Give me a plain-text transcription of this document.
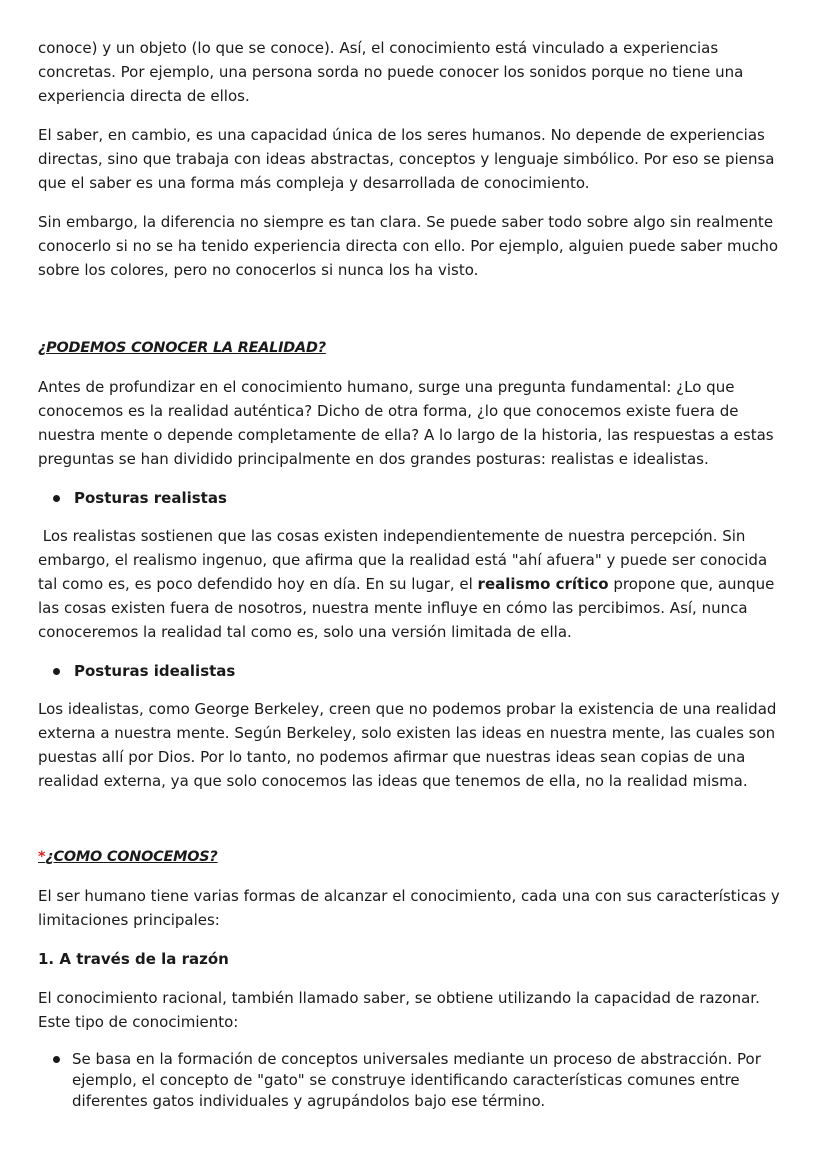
conoce) y un objeto (lo que se conoce). Así, el conocimiento está vinculado a experiencias concretas. Por ejemplo, una persona sorda no puede conocer los sonidos porque no tiene una experiencia directa de ellos.

El saber, en cambio, es una capacidad única de los seres humanos. No depende de experiencias directas, sino que trabaja con ideas abstractas, conceptos y lenguaje simbólico. Por eso se piensa que el saber es una forma más compleja y desarrollada de conocimiento.

Sin embargo, la diferencia no siempre es tan clara. Se puede saber todo sobre algo sin realmente conocerlo si no se ha tenido experiencia directa con ello. Por ejemplo, alguien puede saber mucho sobre los colores, pero no conocerlos si nunca los ha visto.

¿PODEMOS CONOCER LA REALIDAD?

Antes de profundizar en el conocimiento humano, surge una pregunta fundamental: ¿Lo que conocemos es la realidad auténtica? Dicho de otra forma, ¿lo que conocemos existe fuera de nuestra mente o depende completamente de ella? A lo largo de la historia, las respuestas a estas preguntas se han dividido principalmente en dos grandes posturas: realistas e idealistas.

Posturas realistas

Los realistas sostienen que las cosas existen independientemente de nuestra percepción. Sin embargo, el realismo ingenuo, que afirma que la realidad está "ahí afuera" y puede ser conocida tal como es, es poco defendido hoy en día. En su lugar, el realismo crítico propone que, aunque las cosas existen fuera de nosotros, nuestra mente influye en cómo las percibimos. Así, nunca conoceremos la realidad tal como es, solo una versión limitada de ella.

Posturas idealistas

Los idealistas, como George Berkeley, creen que no podemos probar la existencia de una realidad externa a nuestra mente. Según Berkeley, solo existen las ideas en nuestra mente, las cuales son puestas allí por Dios. Por lo tanto, no podemos afirmar que nuestras ideas sean copias de una realidad externa, ya que solo conocemos las ideas que tenemos de ella, no la realidad misma.

*¿COMO CONOCEMOS?

El ser humano tiene varias formas de alcanzar el conocimiento, cada una con sus características y limitaciones principales:

1. A través de la razón

El conocimiento racional, también llamado saber, se obtiene utilizando la capacidad de razonar. Este tipo de conocimiento:

Se basa en la formación de conceptos universales mediante un proceso de abstracción. Por ejemplo, el concepto de "gato" se construye identificando características comunes entre diferentes gatos individuales y agrupándolos bajo ese término.
